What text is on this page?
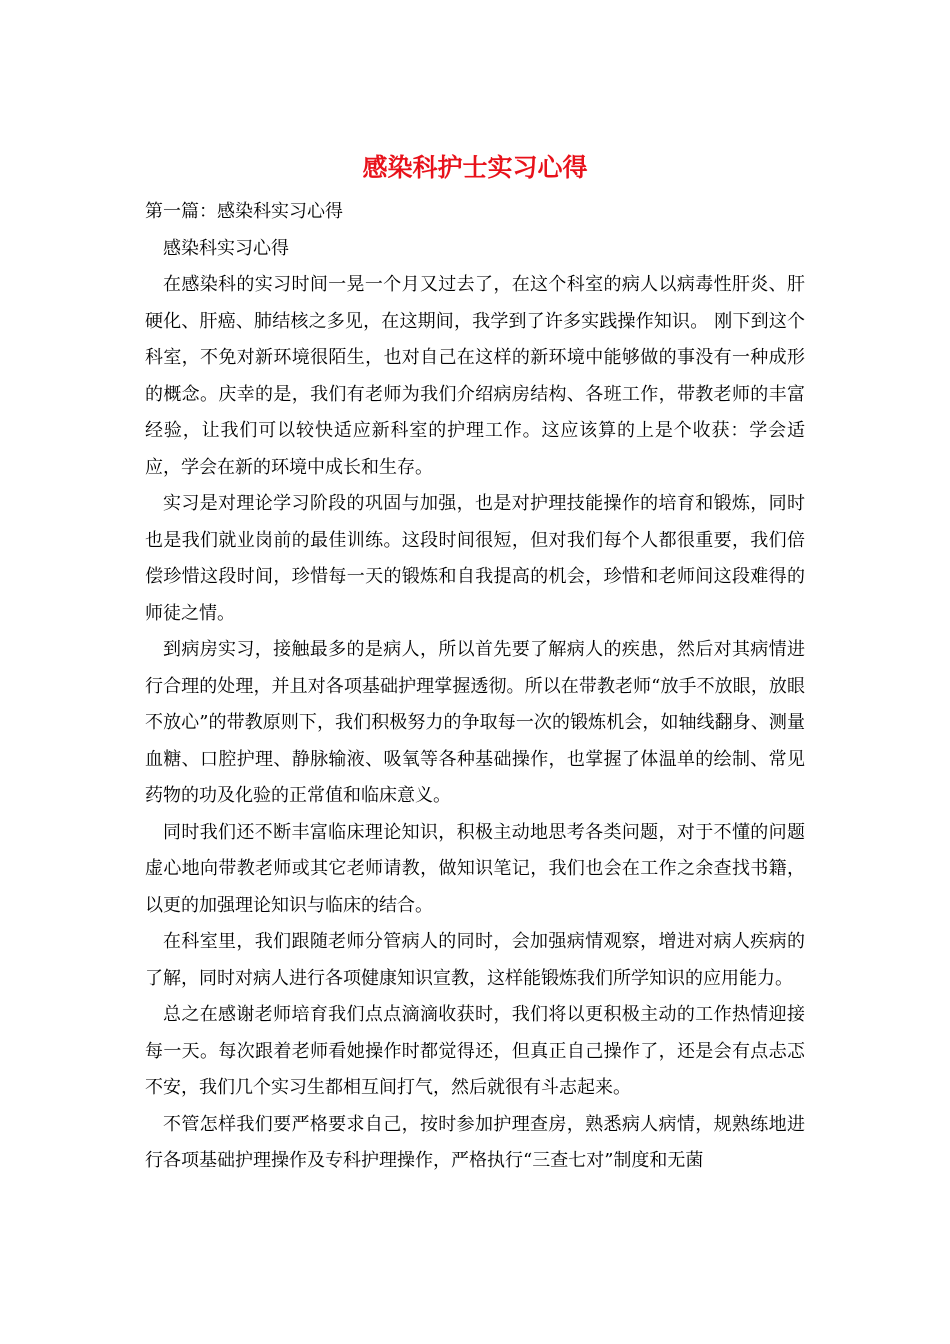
感染科护士实习心得

第一篇：感染科实习心得

感染科实习心得

在感染科的实习时间一晃一个月又过去了，在这个科室的病人以病毒性肝炎、肝硬化、肝癌、肺结核之多见，在这期间，我学到了许多实践操作知识。 刚下到这个科室，不免对新环境很陌生，也对自己在这样的新环境中能够做的事没有一种成形的概念。庆幸的是，我们有老师为我们介绍病房结构、各班工作，带教老师的丰富经验，让我们可以较快适应新科室的护理工作。这应该算的上是个收获：学会适应，学会在新的环境中成长和生存。

实习是对理论学习阶段的巩固与加强，也是对护理技能操作的培育和锻炼，同时也是我们就业岗前的最佳训练。这段时间很短，但对我们每个人都很重要，我们倍偿珍惜这段时间，珍惜每一天的锻炼和自我提高的机会，珍惜和老师间这段难得的师徒之情。

到病房实习，接触最多的是病人，所以首先要了解病人的疾患，然后对其病情进行合理的处理，并且对各项基础护理掌握透彻。所以在带教老师“放手不放眼，放眼不放心”的带教原则下，我们积极努力的争取每一次的锻炼机会，如轴线翻身、测量血糖、口腔护理、静脉输液、吸氧等各种基础操作，也掌握了体温单的绘制、常见药物的功及化验的正常值和临床意义。

同时我们还不断丰富临床理论知识，积极主动地思考各类问题，对于不懂的问题虚心地向带教老师或其它老师请教，做知识笔记，我们也会在工作之余查找书籍，以更的加强理论知识与临床的结合。

在科室里，我们跟随老师分管病人的同时，会加强病情观察，增进对病人疾病的了解，同时对病人进行各项健康知识宣教，这样能锻炼我们所学知识的应用能力。

总之在感谢老师培育我们点点滴滴收获时，我们将以更积极主动的工作热情迎接每一天。每次跟着老师看她操作时都觉得还，但真正自己操作了，还是会有点忐忑不安，我们几个实习生都相互间打气，然后就很有斗志起来。

不管怎样我们要严格要求自己，按时参加护理查房，熟悉病人病情，规熟练地进行各项基础护理操作及专科护理操作，严格执行“三查七对”制度和无菌
